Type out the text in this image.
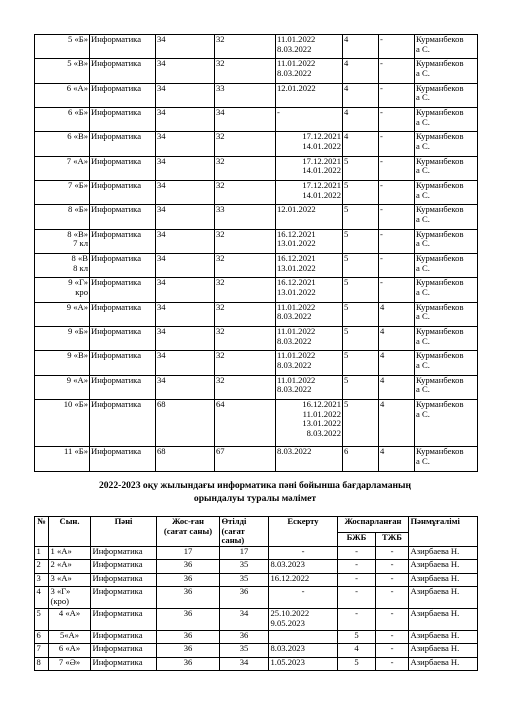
5 «Б»	Информатика	34	32	11.01.2022
8.03.2022	4	-	Курманбеков
а С.
5 «В»	Информатика	34	32	11.01.2022
8.03.2022	4	-	Курманбеков
а С.
6 «А»	Информатика	34	33	12.01.2022	4	-	Курманбеков
а С.
6 «Б»	Информатика	34	34	-	4	-	Курманбеков
а С.
6 «В»	Информатика	34	32	17.12.2021
14.01.2022	4	-	Курманбеков
а С.
7 «А»	Информатика	34	32	17.12.2021
14.01.2022	5	-	Курманбеков
а С.
7 «Б»	Информатика	34	32	17.12.2021
14.01.2022	5	-	Курманбеков
а С.
8 «Б»	Информатика	34	33	12.01.2022	5	-	Курманбеков
а С.
8 «В»
7 кл	Информатика	34	32	16.12.2021
13.01.2022	5	-	Курманбеков
а С.
8 «В
8 кл	Информатика	34	32	16.12.2021
13.01.2022	5	-	Курманбеков
а С.
9 «Г»
кро	Информатика	34	32	16.12.2021
13.01.2022	5	-	Курманбеков
а С.
9 «А»	Информатика	34	32	11.01.2022
8.03.2022	5	4	Курманбеков
а С.
9 «Б»	Информатика	34	32	11.01.2022
8.03.2022	5	4	Курманбеков
а С.
9 «В»	Информатика	34	32	11.01.2022
8.03.2022	5	4	Курманбеков
а С.
9 «А»	Информатика	34	32	11.01.2022
8.03.2022	5	4	Курманбеков
а С.
10 «Б»	Информатика	68	64	16.12.2021
11.01.2022
13.01.2022
8.03.2022	5	4	Курманбеков
а С.
11 «Б»	Информатика	68	67	8.03.2022	6	4	Курманбеков
а С.
2022-2023 оқу жылындағы информатика пәні бойынша бағдарламаның
орындалуы туралы мәлімет
№	Сын.	Пәні	Жос-ған
(сағат саны)	Өтілді
(сағат
саны)	Ескерту	Жоспарланған		Пәнмұғалімі
						БЖБ	ТЖБ	
1	1 «А»	Информатика	17	17	-	-	-	Азирбаева Н.
2	2 «А»	Информатика	36	35	8.03.2023	-	-	Азирбаева Н.
3	3 «А»	Информатика	36	35	16.12.2022	-	-	Азирбаева Н.
4	3 «Г»
(кро)	Информатика	36	36	-	-	-	Азирбаева Н.
5	4 «А»	Информатика	36	34	25.10.2022
9.05.2023	-	-	Азирбаева Н.
6	5«А»	Информатика	36	36		5	-	Азирбаева Н.
7	6 «А»	Информатика	36	35	8.03.2023	4	-	Азирбаева Н.
8	7 «Ә»	Информатика	36	34	1.05.2023	5	-	Азирбаева Н.
